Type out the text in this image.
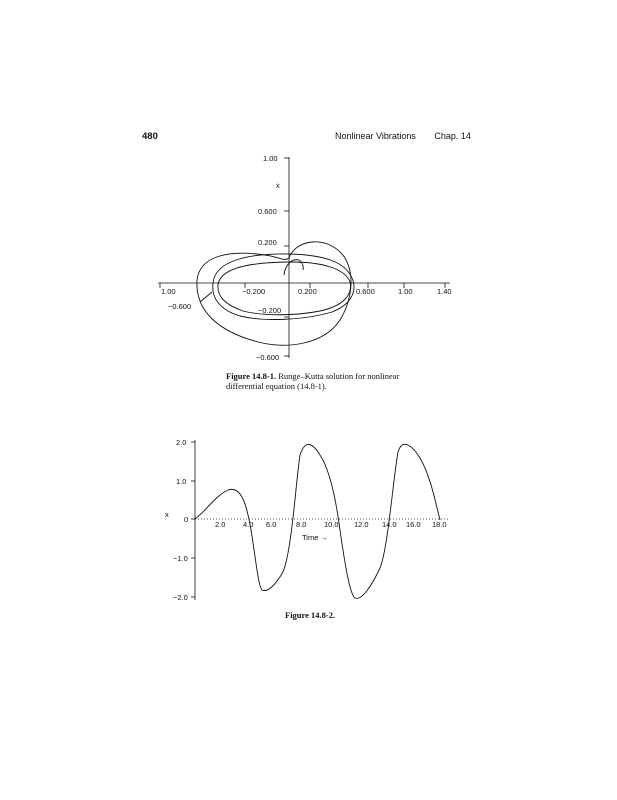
480	Nonlinear Vibrations Chap. 14
1.00
ẋ
0.600
0.200
−0.200
−0.600
1.00	−0.200	0.200	0.600	1.00	1.40
−0.600
Figure 14.8-1. Runge–Kutta solution for nonlinear differential equation (14.8-1).
2.0
1.0
0
−1.0
−2.0
x
2.0 4.0 6.0	8.0 10.0 12.0 14.0 16.0 18.0
Time →
Figure 14.8-2.
